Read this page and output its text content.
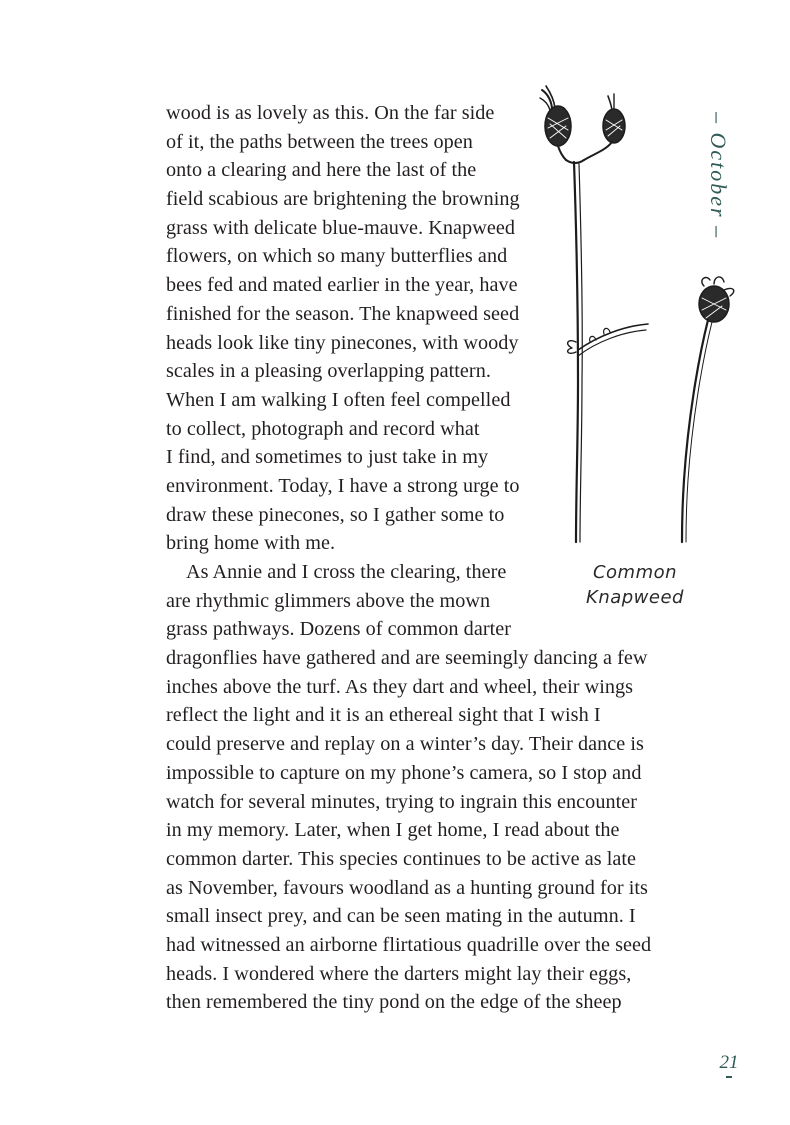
– October –
wood is as lovely as this. On the far side
of it, the paths between the trees open
onto a clearing and here the last of the
field scabious are brightening the browning
grass with delicate blue-mauve. Knapweed
flowers, on which so many butterflies and
bees fed and mated earlier in the year, have
finished for the season. The knapweed seed
heads look like tiny pinecones, with woody
scales in a pleasing overlapping pattern.
When I am walking I often feel compelled
to collect, photograph and record what
I find, and sometimes to just take in my
environment. Today, I have a strong urge to
draw these pinecones, so I gather some to
bring home with me.
As Annie and I cross the clearing, there
are rhythmic glimmers above the mown
grass pathways. Dozens of common darter
dragonflies have gathered and are seemingly dancing a few
inches above the turf. As they dart and wheel, their wings
reflect the light and it is an ethereal sight that I wish I
could preserve and replay on a winter’s day. Their dance is
impossible to capture on my phone’s camera, so I stop and
watch for several minutes, trying to ingrain this encounter
in my memory. Later, when I get home, I read about the
common darter. This species continues to be active as late
as November, favours woodland as a hunting ground for its
small insect prey, and can be seen mating in the autumn. I
had witnessed an airborne flirtatious quadrille over the seed
heads. I wondered where the darters might lay their eggs,
then remembered the tiny pond on the edge of the sheep
Common
Knapweed
21
